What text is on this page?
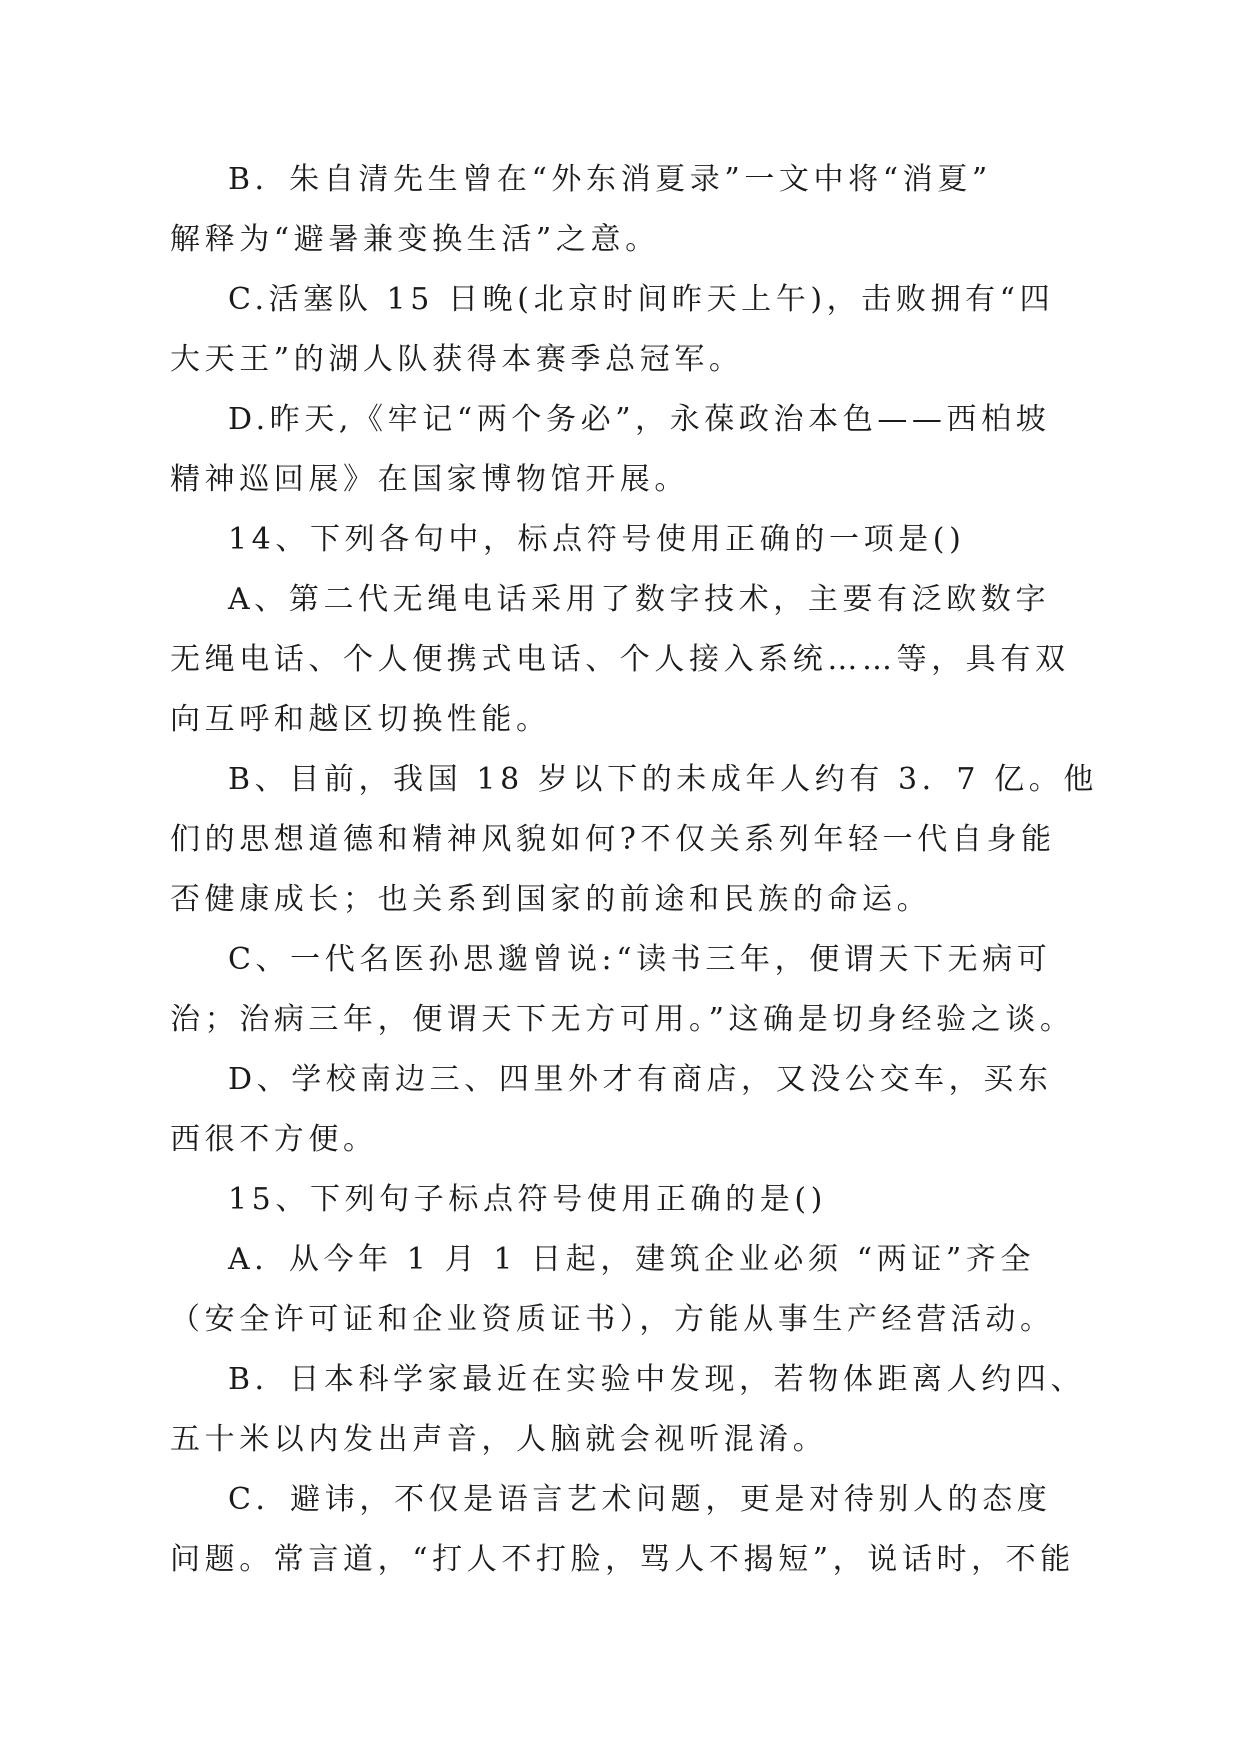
B．朱自清先生曾在“外东消夏录”一文中将“消夏”
解释为“避暑兼变换生活”之意。
C.活塞队 15 日晚(北京时间昨天上午)，击败拥有“四
大天王”的湖人队获得本赛季总冠军。
D.昨天,《牢记“两个务必”，永葆政治本色——西柏坡
精神巡回展》在国家博物馆开展。
14、下列各句中，标点符号使用正确的一项是()
A、第二代无绳电话采用了数字技术，主要有泛欧数字
无绳电话、个人便携式电话、个人接入系统……等，具有双
向互呼和越区切换性能。
B、目前，我国 18 岁以下的未成年人约有 3．7 亿。他
们的思想道德和精神风貌如何?不仅关系列年轻一代自身能
否健康成长；也关系到国家的前途和民族的命运。
C、一代名医孙思邈曾说:“读书三年，便谓天下无病可
治；治病三年，便谓天下无方可用。”这确是切身经验之谈。
D、学校南边三、四里外才有商店，又没公交车，买东
西很不方便。
15、下列句子标点符号使用正确的是()
A．从今年 1 月 1 日起，建筑企业必须 “两证”齐全
（安全许可证和企业资质证书），方能从事生产经营活动。
B．日本科学家最近在实验中发现，若物体距离人约四、
五十米以内发出声音，人脑就会视听混淆。
C．避讳，不仅是语言艺术问题，更是对待别人的态度
问题。常言道，“打人不打脸，骂人不揭短”，说话时，不能
